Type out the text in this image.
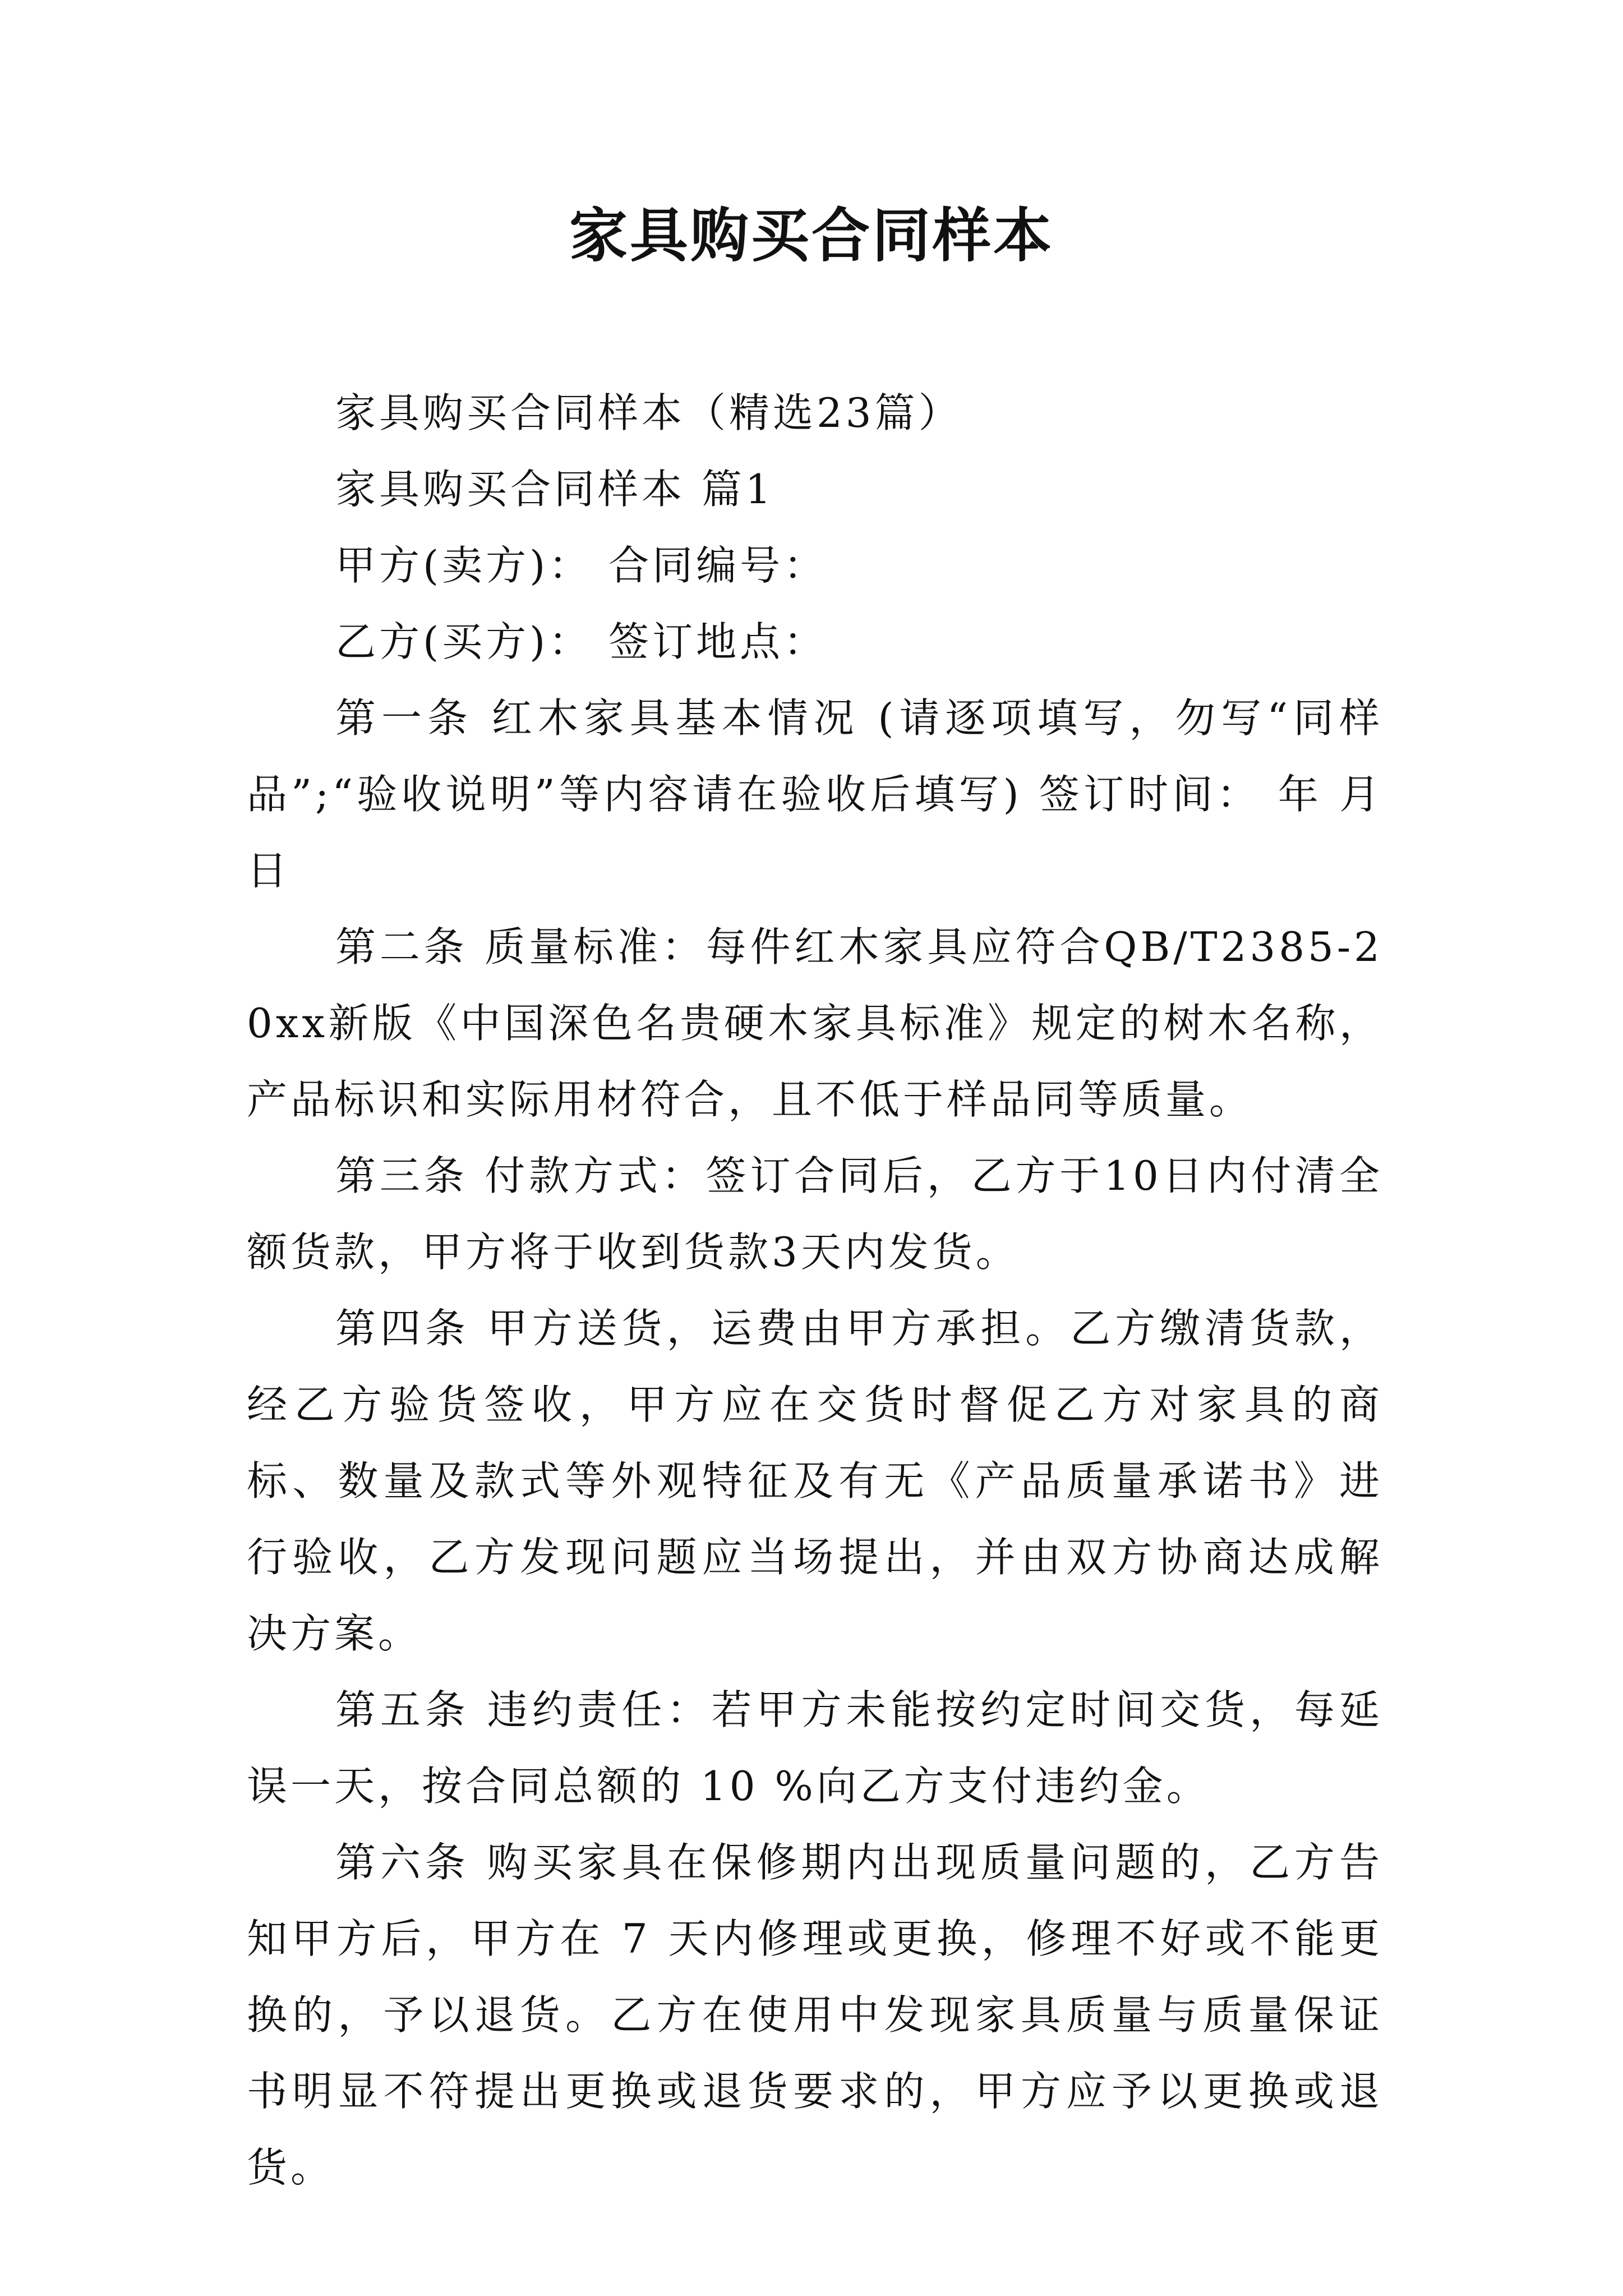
家具购买合同样本

家具购买合同样本（精选23篇）

家具购买合同样本 篇1

甲方(卖方)： 合同编号：

乙方(买方)： 签订地点：

第一条 红木家具基本情况 (请逐项填写，勿写“同样品”;“验收说明”等内容请在验收后填写) 签订时间： 年 月 日

第二条 质量标准：每件红木家具应符合QB/T2385-20xx新版《中国深色名贵硬木家具标准》规定的树木名称，产品标识和实际用材符合，且不低于样品同等质量。

第三条 付款方式：签订合同后，乙方于10日内付清全额货款，甲方将于收到货款3天内发货。

第四条 甲方送货，运费由甲方承担。乙方缴清货款，经乙方验货签收，甲方应在交货时督促乙方对家具的商标、数量及款式等外观特征及有无《产品质量承诺书》进行验收，乙方发现问题应当场提出，并由双方协商达成解决方案。

第五条 违约责任：若甲方未能按约定时间交货，每延误一天，按合同总额的 10 %向乙方支付违约金。

第六条 购买家具在保修期内出现质量问题的，乙方告知甲方后，甲方在 7 天内修理或更换，修理不好或不能更换的，予以退货。乙方在使用中发现家具质量与质量保证书明显不符提出更换或退货要求的，甲方应予以更换或退货。
